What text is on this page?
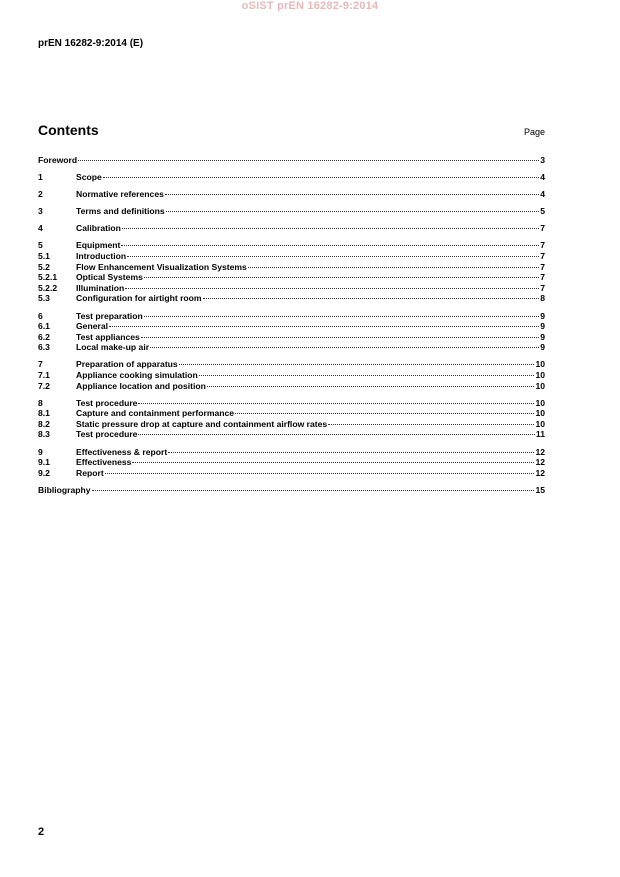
oSIST prEN 16282-9:2014
prEN 16282-9:2014 (E)
Contents	Page
Foreword	3
1	Scope	4
2	Normative references	4
3	Terms and definitions	5
4	Calibration	7
5	Equipment	7
5.1	Introduction	7
5.2	Flow Enhancement Visualization Systems	7
5.2.1	Optical Systems	7
5.2.2	Illumination	7
5.3	Configuration for airtight room	8
6	Test preparation	9
6.1	General	9
6.2	Test appliances	9
6.3	Local make-up air	9
7	Preparation of apparatus	10
7.1	Appliance cooking simulation	10
7.2	Appliance location and position	10
8	Test procedure	10
8.1	Capture and containment performance	10
8.2	Static pressure drop at capture and containment airflow rates	10
8.3	Test procedure	11
9	Effectiveness & report	12
9.1	Effectiveness	12
9.2	Report	12
Bibliography	15
2
